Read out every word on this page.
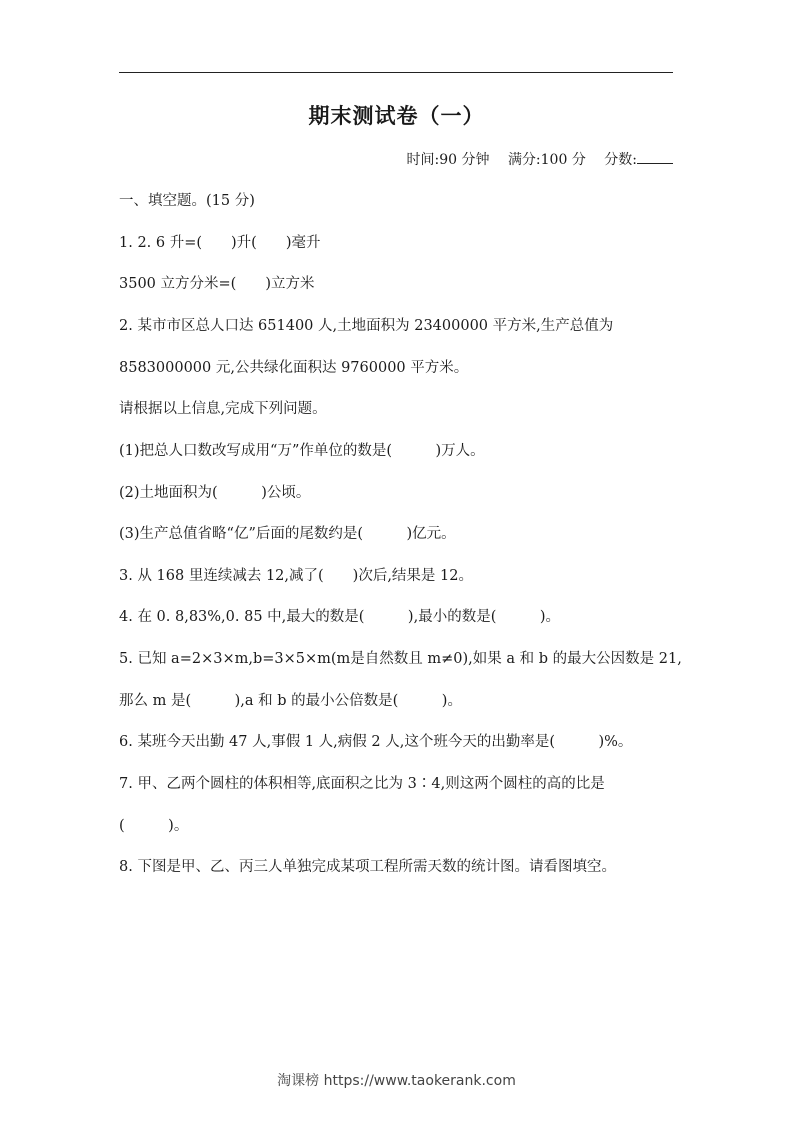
期末测试卷（一）
时间:90 分钟 满分:100 分 分数:
一、填空题。(15 分)
1. 2. 6 升=(　　)升(　　)毫升
3500 立方分米=(　　)立方米
2. 某市市区总人口达 651400 人,土地面积为 23400000 平方米,生产总值为
8583000000 元,公共绿化面积达 9760000 平方米。
请根据以上信息,完成下列问题。
(1)把总人口数改写成用“万”作单位的数是(　　　)万人。
(2)土地面积为(　　　)公顷。
(3)生产总值省略“亿”后面的尾数约是(　　　)亿元。
3. 从 168 里连续减去 12,减了(　　)次后,结果是 12。
4. 在 0. 8,83%,0. 85 中,最大的数是(　　　),最小的数是(　　　)。
5. 已知 a=2×3×m,b=3×5×m(m是自然数且 m≠0),如果 a 和 b 的最大公因数是 21,
那么 m 是(　　　),a 和 b 的最小公倍数是(　　　)。
6. 某班今天出勤 47 人,事假 1 人,病假 2 人,这个班今天的出勤率是(　　　)%。
7. 甲、乙两个圆柱的体积相等,底面积之比为 3∶4,则这两个圆柱的高的比是
(　　　)。
8. 下图是甲、乙、丙三人单独完成某项工程所需天数的统计图。请看图填空。
淘课榜 https://www.taokerank.com
